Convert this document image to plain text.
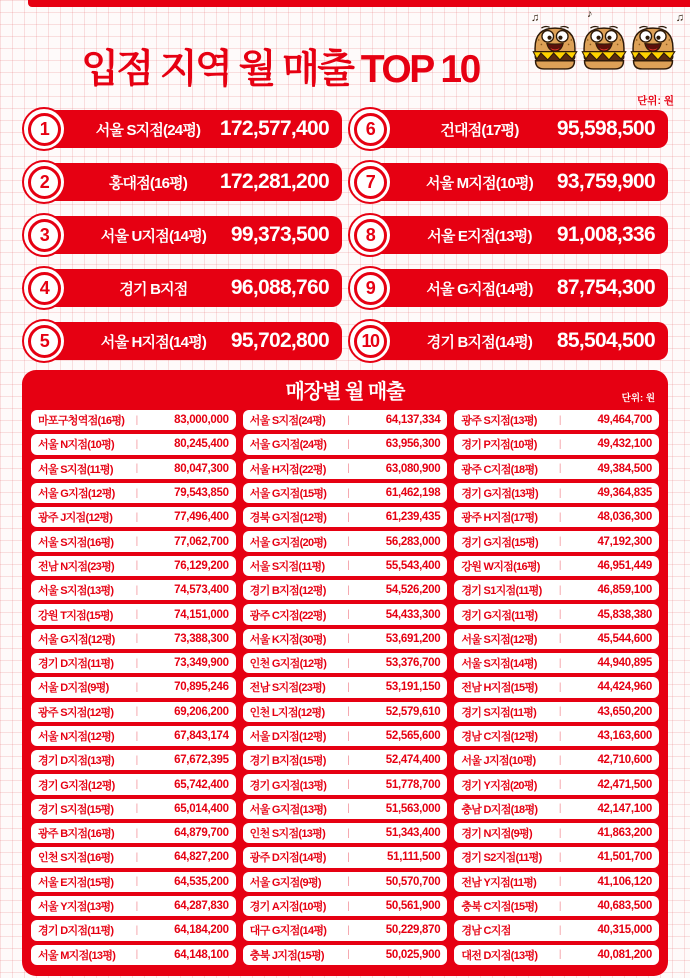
입점 지역 월 매출 TOP 10
♫	♪	♫
단위: 원
1	서울 S지점(24평) 172,577,400
2	홍대점(16평)	172,281,200
3	서울 U지점(14평)	99,373,500
4	경기 B지점	96,088,760
5	서울 H지점(14평)	95,702,800
6	건대점(17평)	95,598,500
7	서울 M지점(10평)	93,759,900
8	서울 E지점(13평)	91,008,336
9	서울 G지점(14평)	87,754,300
10	경기 B지점(14평)	85,504,500
매장별 월 매출	단위: 원
마포구청역점(16평)	|	83,000,000
서울 N지점(10평)	|	80,245,400
서울 S지점(11평)	|	80,047,300
서울 G지점(12평)	|	79,543,850
광주 J지점(12평)	|	77,496,400
서울 S지점(16평)	|	77,062,700
전남 N지점(23평)	|	76,129,200
서울 S지점(13평)	|	74,573,400
강원 T지점(15평)	|	74,151,000
서울 G지점(12평)	|	73,388,300
경기 D지점(11평)	|	73,349,900
서울 D지점(9평)	|	70,895,246
광주 S지점(12평)	|	69,206,200
서울 N지점(12평)	|	67,843,174
경기 D지점(13평)	|	67,672,395
경기 G지점(12평)	|	65,742,400
경기 S지점(15평)	|	65,014,400
광주 B지점(16평)	|	64,879,700
인천 S지점(16평)	|	64,827,200
서울 E지점(15평)	|	64,535,200
서울 Y지점(13평)	|	64,287,830
경기 D지점(11평)	|	64,184,200
서울 M지점(13평)	|	64,148,100
서울 S지점(24평)	|	64,137,334
서울 G지점(24평)	|	63,956,300
서울 H지점(22평)	|	63,080,900
서울 G지점(15평)	|	61,462,198
경북 G지점(12평)	|	61,239,435
서울 G지점(20평)	|	56,283,000
서울 S지점(11평)	|	55,543,400
경기 B지점(12평)	|	54,526,200
광주 C지점(22평)	|	54,433,300
서울 K지점(30평)	|	53,691,200
인천 G지점(12평)	|	53,376,700
전남 S지점(23평)	|	53,191,150
인천 L지점(12평)	|	52,579,610
서울 D지점(12평)	|	52,565,600
경기 B지점(15평)	|	52,474,400
경기 G지점(13평)	|	51,778,700
서울 G지점(13평)	|	51,563,000
인천 S지점(13평)	|	51,343,400
광주 D지점(14평)	|	51,111,500
서울 G지점(9평)	|	50,570,700
경기 A지점(10평)	|	50,561,900
대구 G지점(14평)	|	50,229,870
충북 J지점(15평)	|	50,025,900
광주 S지점(13평)	|	49,464,700
경기 P지점(10평)	|	49,432,100
광주 C지점(18평)	|	49,384,500
경기 G지점(13평)	|	49,364,835
광주 H지점(17평)	|	48,036,300
경기 G지점(15평)	|	47,192,300
강원 W지점(16평)	|	46,951,449
경기 S1지점(11평)	|	46,859,100
경기 G지점(11평)	|	45,838,380
서울 S지점(12평)	|	45,544,600
서울 S지점(14평)	|	44,940,895
전남 H지점(15평)	|	44,424,960
경기 S지점(11평)	|	43,650,200
경남 C지점(12평)	|	43,163,600
서울 J지점(10평)	|	42,710,600
경기 Y지점(20평)	|	42,471,500
충남 D지점(18평)	|	42,147,100
경기 N지점(9평)	|	41,863,200
경기 S2지점(11평)	|	41,501,700
전남 Y지점(11평)	|	41,106,120
충북 C지점(15평)	|	40,683,500
경남 C지점	|	40,315,000
대전 D지점(13평)	|	40,081,200
